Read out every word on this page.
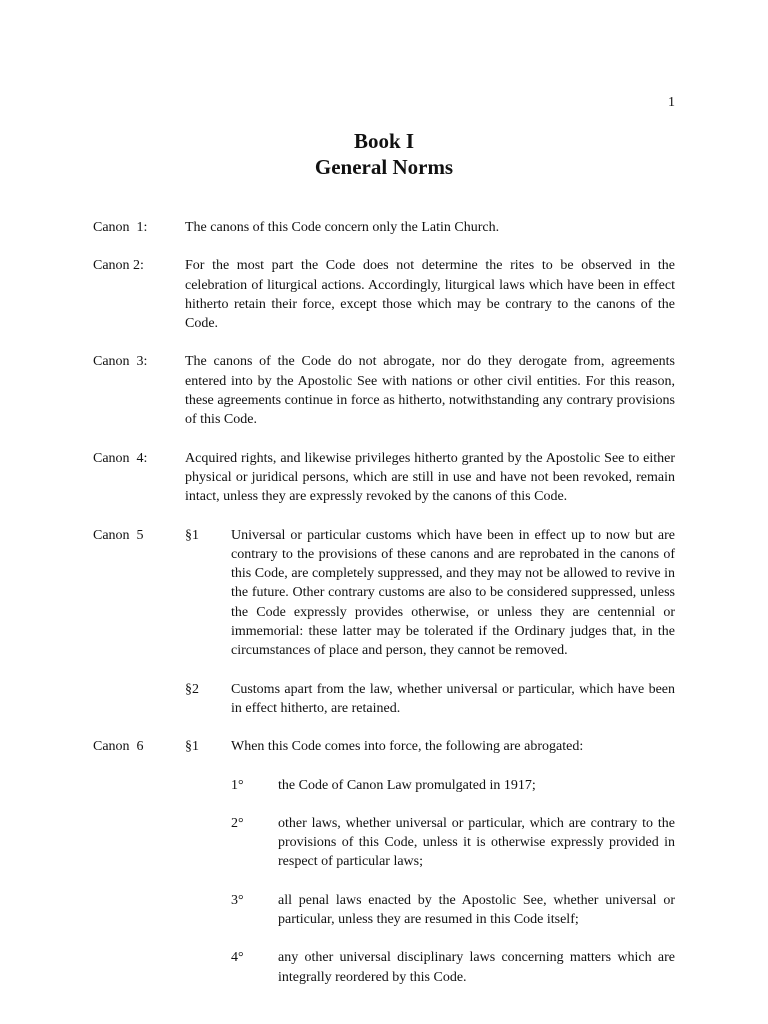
1
Book I
General Norms
Canon  1:	The canons of this Code concern only the Latin Church.
Canon 2:	For the most part the Code does not determine the rites to be observed in the celebration of liturgical actions. Accordingly, liturgical laws which have been in effect hitherto retain their force, except those which may be contrary to the canons of the Code.
Canon  3:	The canons of the Code do not abrogate, nor do they derogate from, agreements entered into by the Apostolic See with nations or other civil entities. For this reason, these agreements continue in force as hitherto, notwithstanding any contrary provisions of this Code.
Canon  4:	Acquired rights, and likewise privileges hitherto granted by the Apostolic See to either physical or juridical persons, which are still in use and have not been revoked, remain intact, unless they are expressly revoked by the canons of this Code.
Canon  5	§1 Universal or particular customs which have been in effect up to now but are contrary to the provisions of these canons and are reprobated in the canons of this Code, are completely suppressed, and they may not be allowed to revive in the future. Other contrary customs are also to be considered suppressed, unless the Code expressly provides otherwise, or unless they are centennial or immemorial: these latter may be tolerated if the Ordinary judges that, in the circumstances of place and person, they cannot be removed.
§2 Customs apart from the law, whether universal or particular, which have been in effect hitherto, are retained.
Canon  6	§1 When this Code comes into force, the following are abrogated:
1° the Code of Canon Law promulgated in 1917;
2° other laws, whether universal or particular, which are contrary to the provisions of this Code, unless it is otherwise expressly provided in respect of particular laws;
3° all penal laws enacted by the Apostolic See, whether universal or particular, unless they are resumed in this Code itself;
4° any other universal disciplinary laws concerning matters which are integrally reordered by this Code.
